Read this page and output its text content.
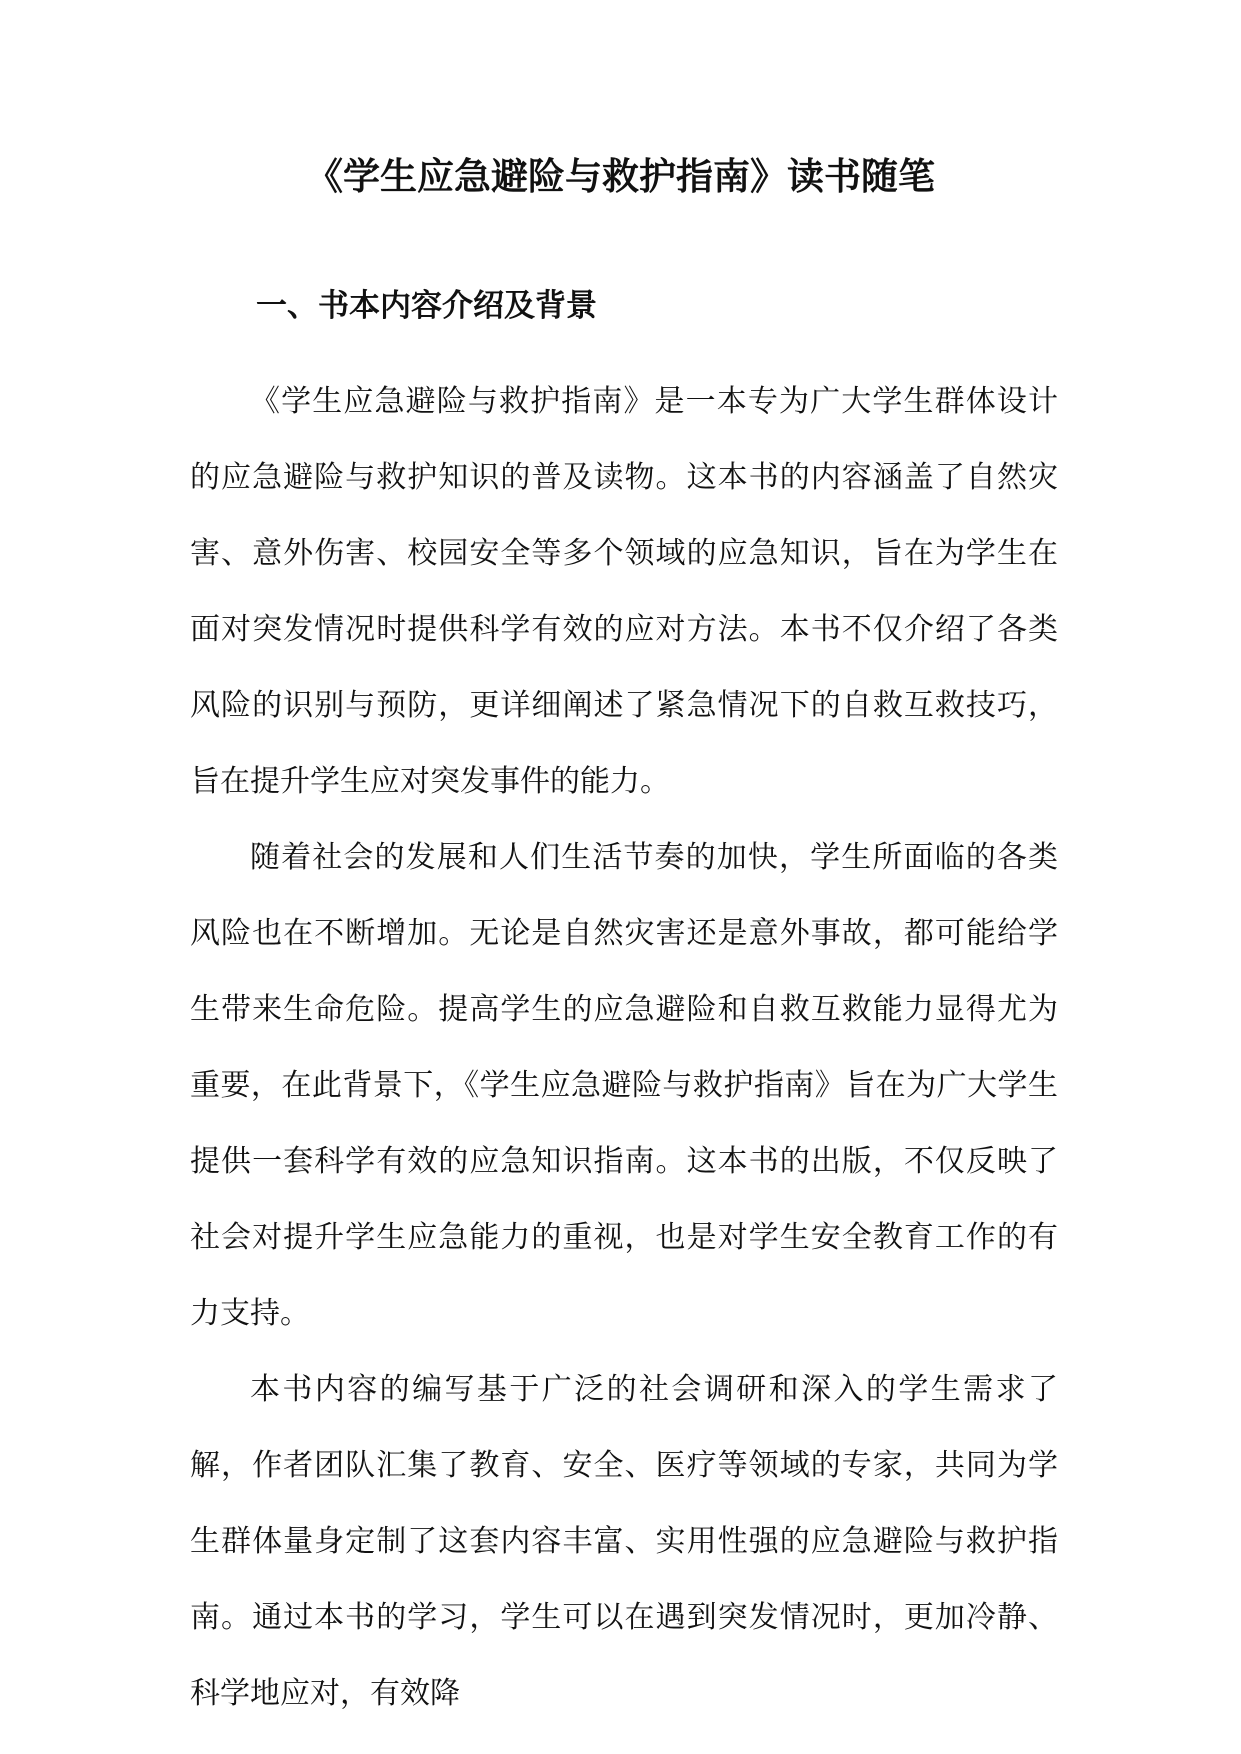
《学生应急避险与救护指南》读书随笔
一、书本内容介绍及背景

《学生应急避险与救护指南》是一本专为广大学生群体设计的应急避险与救护知识的普及读物。这本书的内容涵盖了自然灾害、意外伤害、校园安全等多个领域的应急知识，旨在为学生在面对突发情况时提供科学有效的应对方法。本书不仅介绍了各类风险的识别与预防，更详细阐述了紧急情况下的自救互救技巧，旨在提升学生应对突发事件的能力。

随着社会的发展和人们生活节奏的加快，学生所面临的各类风险也在不断增加。无论是自然灾害还是意外事故，都可能给学生带来生命危险。提高学生的应急避险和自救互救能力显得尤为重要，在此背景下，《学生应急避险与救护指南》旨在为广大学生提供一套科学有效的应急知识指南。这本书的出版，不仅反映了社会对提升学生应急能力的重视，也是对学生安全教育工作的有力支持。

本书内容的编写基于广泛的社会调研和深入的学生需求了解，作者团队汇集了教育、安全、医疗等领域的专家，共同为学生群体量身定制了这套内容丰富、实用性强的应急避险与救护指南。通过本书的学习，学生可以在遇到突发情况时，更加冷静、科学地应对，有效降
